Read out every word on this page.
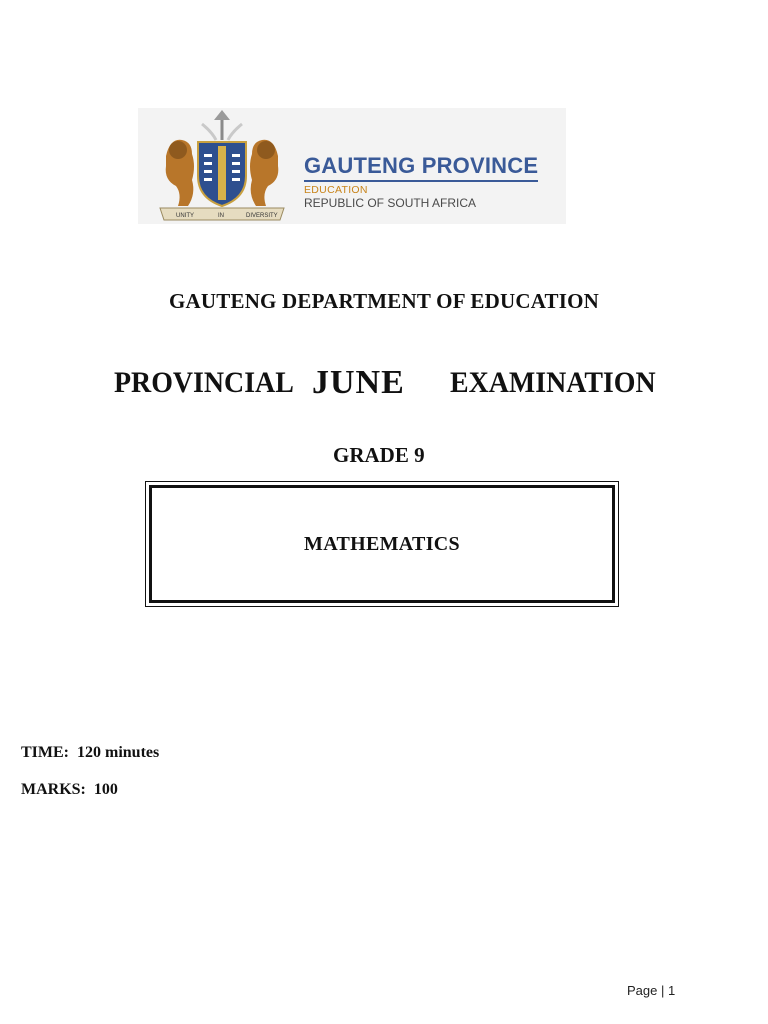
UNITY	IN	DIVERSITY
GAUTENG PROVINCE
EDUCATION
REPUBLIC OF SOUTH AFRICA
GAUTENG DEPARTMENT OF EDUCATION
PROVINCIAL JUNE EXAMINATION
GRADE 9
MATHEMATICS
TIME: 120 minutes
MARKS: 100
Page | 1
